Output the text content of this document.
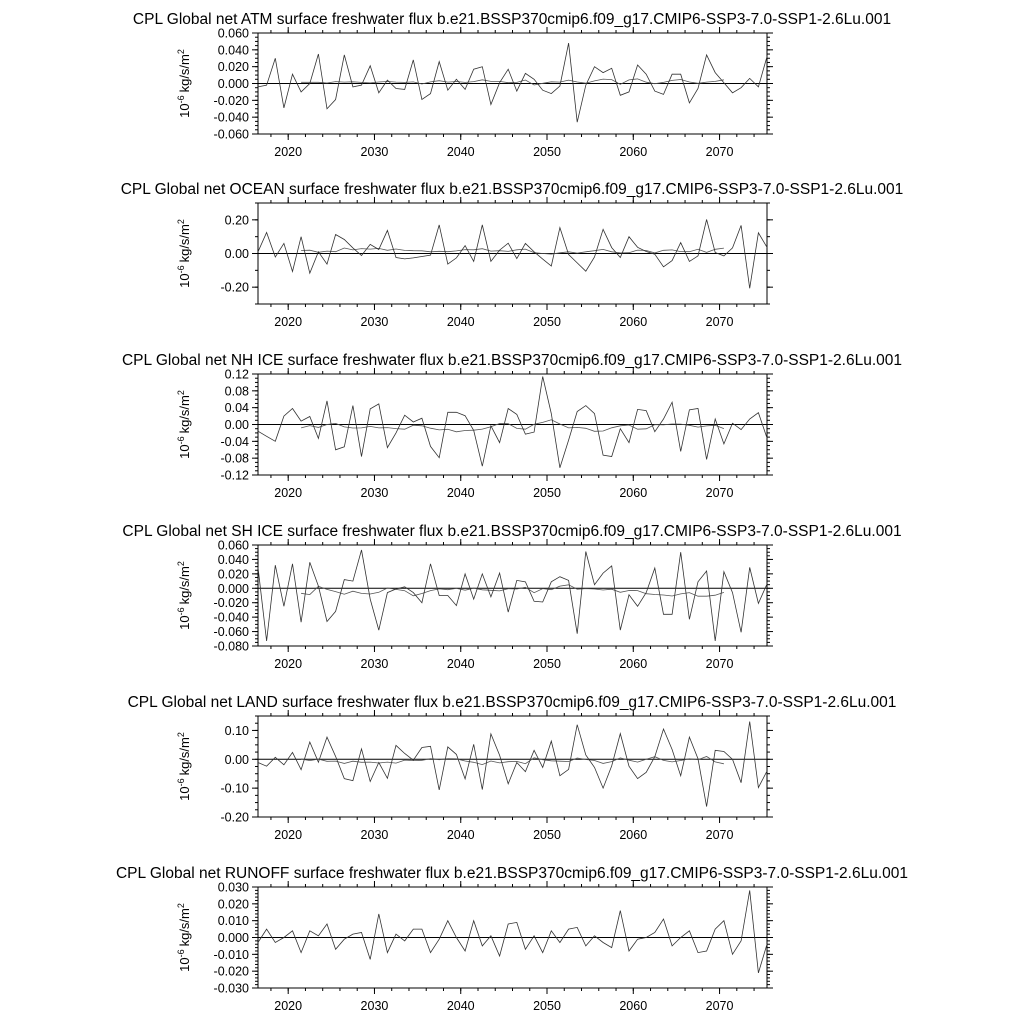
CPL Global net ATM surface freshwater flux b.e21.BSSP370cmip6.f09_g17.CMIP6-SSP3-7.0-SSP1-2.6Lu.001
2020	2030	2040	2050	2060	2070
-0.060
-0.040
-0.020
0.000
0.020
0.040
0.060
$10^{-6}kg/s/m^2$
CPL Global net OCEAN surface freshwater flux b.e21.BSSP370cmip6.f09_g17.CMIP6-SSP3-7.0-SSP1-2.6Lu.001
2020	2030	2040	2050	2060	2070
-0.20
0.00
0.20
$10^{-6}kg/s/m^2$
CPL Global net NH ICE surface freshwater flux b.e21.BSSP370cmip6.f09_g17.CMIP6-SSP3-7.0-SSP1-2.6Lu.001
2020	2030	2040	2050	2060	2070
-0.12
-0.08
-0.04
0.00
0.04
0.08
0.12
$10^{-6}kg/s/m^2$
CPL Global net SH ICE surface freshwater flux b.e21.BSSP370cmip6.f09_g17.CMIP6-SSP3-7.0-SSP1-2.6Lu.001
2020	2030	2040	2050	2060	2070
-0.080
-0.060
-0.040
-0.020
0.000
0.020
0.040
0.060
$10^{-6}kg/s/m^2$
CPL Global net LAND surface freshwater flux b.e21.BSSP370cmip6.f09_g17.CMIP6-SSP3-7.0-SSP1-2.6Lu.001
2020	2030	2040	2050	2060	2070
-0.20
-0.10
0.00
0.10
$10^{-6}kg/s/m^2$
CPL Global net RUNOFF surface freshwater flux b.e21.BSSP370cmip6.f09_g17.CMIP6-SSP3-7.0-SSP1-2.6Lu.001
2020	2030	2040	2050	2060	2070
-0.030
-0.020
-0.010
0.000
0.010
0.020
0.030
$10^{-6}kg/s/m^2$
